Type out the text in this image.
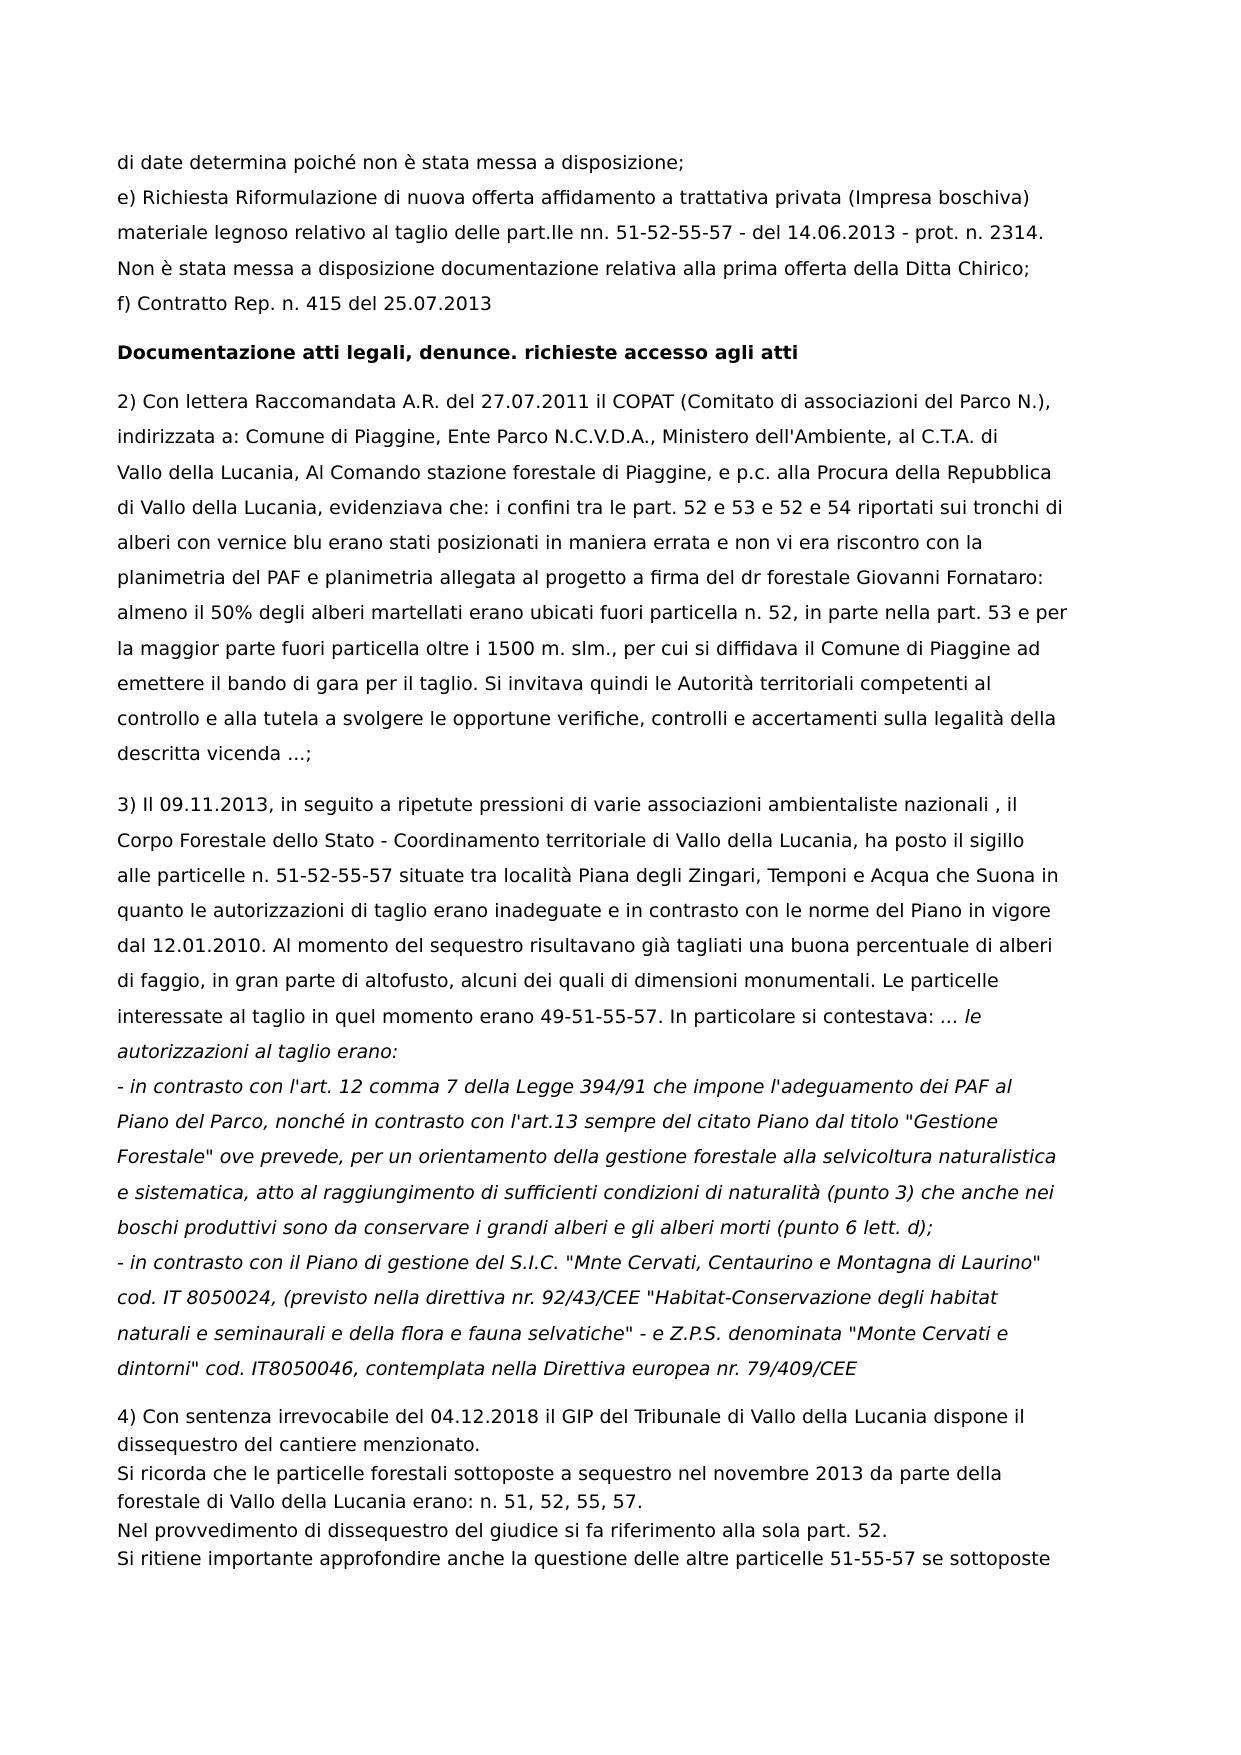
di date determina poiché non è stata messa a disposizione;

e) Richiesta Riformulazione di nuova offerta affidamento a trattativa privata (Impresa boschiva)

materiale legnoso relativo al taglio delle part.lle nn. 51-52-55-57 - del 14.06.2013 - prot. n. 2314.

Non è stata messa a disposizione documentazione relativa alla prima offerta della Ditta Chirico;

f) Contratto Rep. n. 415 del 25.07.2013

Documentazione atti legali, denunce. richieste accesso agli atti

2) Con lettera Raccomandata A.R. del 27.07.2011 il COPAT (Comitato di associazioni del Parco N.),

indirizzata a: Comune di Piaggine, Ente Parco N.C.V.D.A., Ministero dell'Ambiente, al C.T.A. di

Vallo della Lucania, Al Comando stazione forestale di Piaggine, e p.c. alla Procura della Repubblica

di Vallo della Lucania, evidenziava che: i confini tra le part. 52 e 53 e 52 e 54 riportati sui tronchi di

alberi con vernice blu erano stati posizionati in maniera errata e non vi era riscontro con la

planimetria del PAF e planimetria allegata al progetto a firma del dr forestale Giovanni Fornataro:

almeno il 50% degli alberi martellati erano ubicati fuori particella n. 52, in parte nella part. 53 e per

la maggior parte fuori particella oltre i 1500 m. slm., per cui si diffidava il Comune di Piaggine ad

emettere il bando di gara per il taglio. Si invitava quindi le Autorità territoriali competenti al

controllo e alla tutela a svolgere le opportune verifiche, controlli e accertamenti sulla legalità della

descritta vicenda ...;

3) Il 09.11.2013, in seguito a ripetute pressioni di varie associazioni ambientaliste nazionali , il

Corpo Forestale dello Stato - Coordinamento territoriale di Vallo della Lucania, ha posto il sigillo

alle particelle n. 51-52-55-57 situate tra località Piana degli Zingari, Temponi e Acqua che Suona in

quanto le autorizzazioni di taglio erano inadeguate e in contrasto con le norme del Piano in vigore

dal 12.01.2010. Al momento del sequestro risultavano già tagliati una buona percentuale di alberi

di faggio, in gran parte di altofusto, alcuni dei quali di dimensioni monumentali. Le particelle

interessate al taglio in quel momento erano 49-51-55-57. In particolare si contestava: ... le

autorizzazioni al taglio erano:

- in contrasto con l'art. 12 comma 7 della Legge 394/91 che impone l'adeguamento dei PAF al

Piano del Parco, nonché in contrasto con l'art.13 sempre del citato Piano dal titolo "Gestione

Forestale" ove prevede, per un orientamento della gestione forestale alla selvicoltura naturalistica

e sistematica, atto al raggiungimento di sufficienti condizioni di naturalità (punto 3) che anche nei

boschi produttivi sono da conservare i grandi alberi e gli alberi morti (punto 6 lett. d);

- in contrasto con il Piano di gestione del S.I.C. "Mnte Cervati, Centaurino e Montagna di Laurino"

cod. IT 8050024, (previsto nella direttiva nr. 92/43/CEE "Habitat-Conservazione degli habitat

naturali e seminaurali e della flora e fauna selvatiche" - e Z.P.S. denominata "Monte Cervati e

dintorni" cod. IT8050046, contemplata nella Direttiva europea nr. 79/409/CEE

4) Con sentenza irrevocabile del 04.12.2018 il GIP del Tribunale di Vallo della Lucania dispone il

dissequestro del cantiere menzionato.

Si ricorda che le particelle forestali sottoposte a sequestro nel novembre 2013 da parte della

forestale di Vallo della Lucania erano: n. 51, 52, 55, 57.

Nel provvedimento di dissequestro del giudice si fa riferimento alla sola part. 52.

Si ritiene importante approfondire anche la questione delle altre particelle 51-55-57 se sottoposte
